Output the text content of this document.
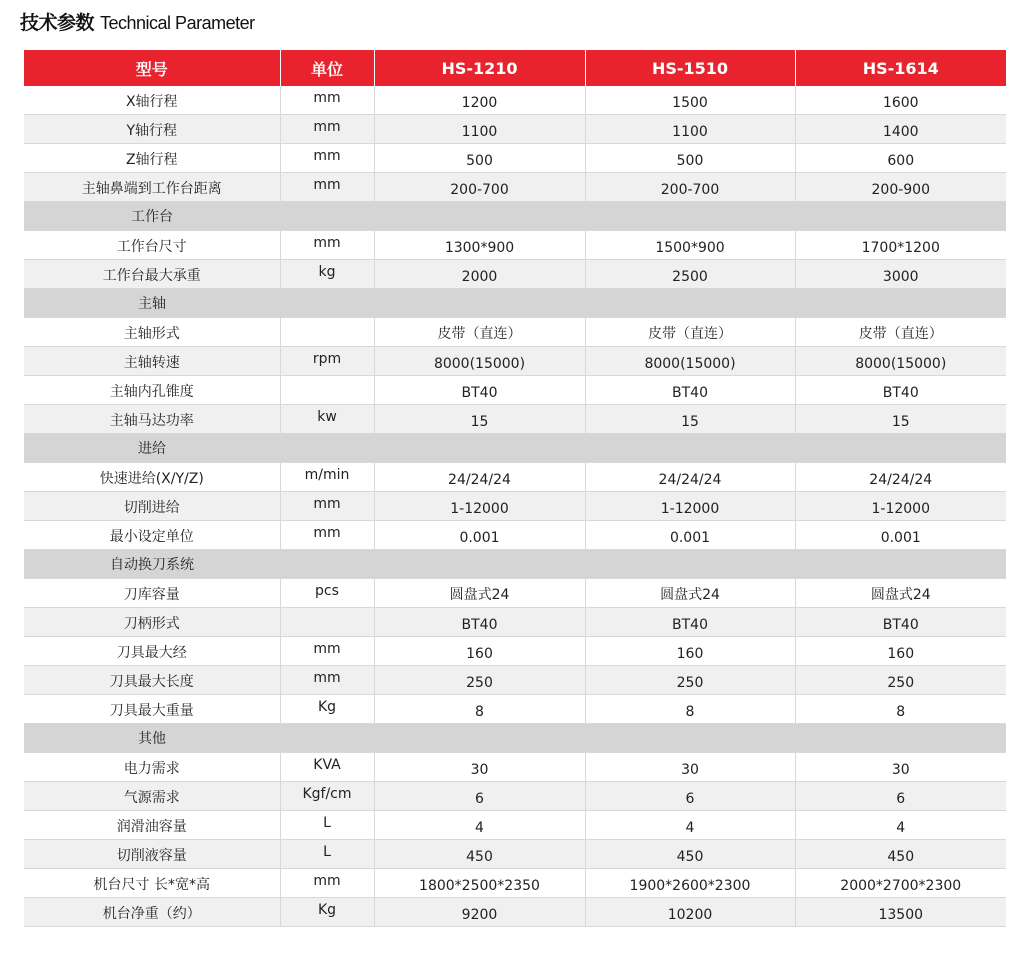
技术参数 Technical Parameter
型号	单位	HS-1210	HS-1510	HS-1614
X轴行程	mm	1200	1500	1600
Y轴行程	mm	1100	1100	1400
Z轴行程	mm	500	500	600
主轴鼻端到工作台距离	mm	200-700	200-700	200-900
工作台				
工作台尺寸	mm	1300*900	1500*900	1700*1200
工作台最大承重	kg	2000	2500	3000
主轴				
主轴形式		皮带（直连）	皮带（直连）	皮带（直连）
主轴转速	rpm	8000(15000)	8000(15000)	8000(15000)
主轴内孔锥度		BT40	BT40	BT40
主轴马达功率	kw	15	15	15
进给				
快速进给(X/Y/Z)	m/min	24/24/24	24/24/24	24/24/24
切削进给	mm	1-12000	1-12000	1-12000
最小设定单位	mm	0.001	0.001	0.001
自动换刀系统				
刀库容量	pcs	圆盘式24	圆盘式24	圆盘式24
刀柄形式		BT40	BT40	BT40
刀具最大经	mm	160	160	160
刀具最大长度	mm	250	250	250
刀具最大重量	Kg	8	8	8
其他				
电力需求	KVA	30	30	30
气源需求	Kgf/cm	6	6	6
润滑油容量	L	4	4	4
切削液容量	L	450	450	450
机台尺寸 长*宽*高	mm	1800*2500*2350	1900*2600*2300	2000*2700*2300
机台净重（约）	Kg	9200	10200	13500
